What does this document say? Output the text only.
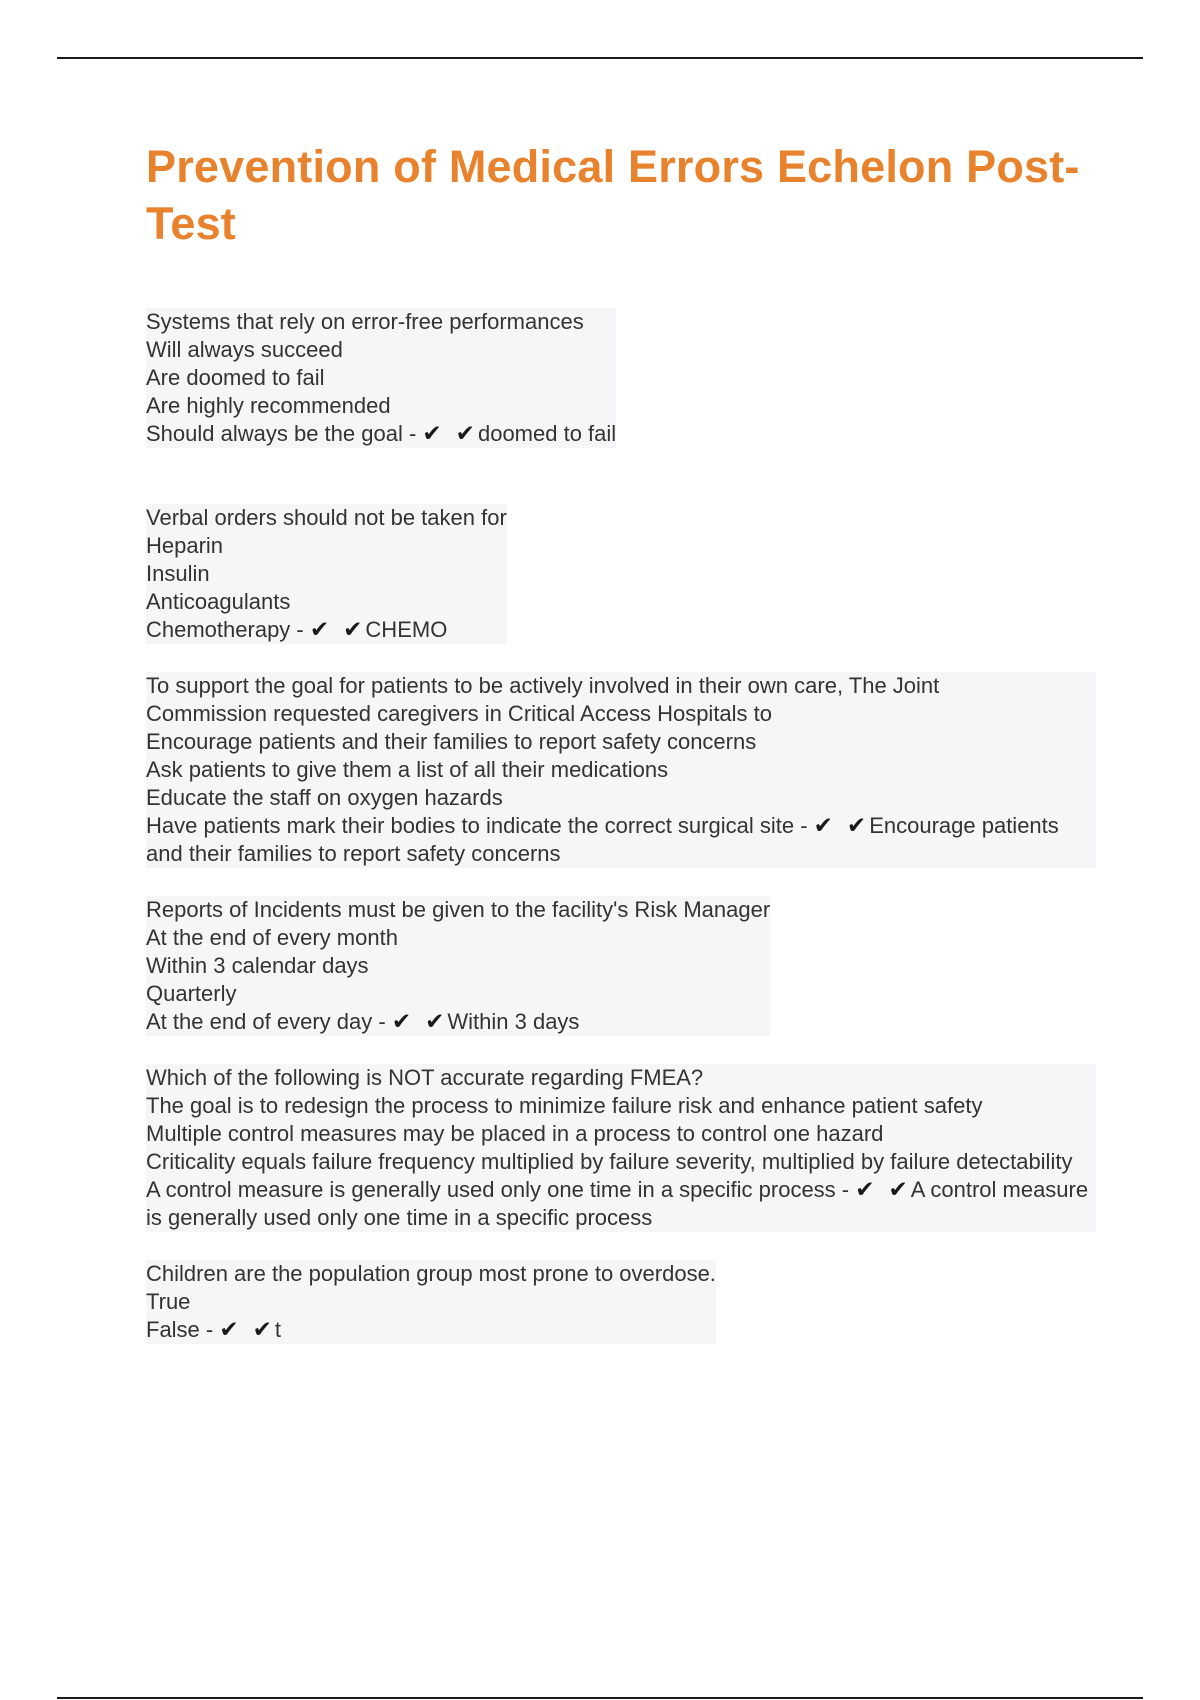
Prevention of Medical Errors Echelon Post-Test
Systems that rely on error-free performances
Will always succeed
Are doomed to fail
Are highly recommended
Should always be the goal - ✔ ✔doomed to fail
Verbal orders should not be taken for
Heparin
Insulin
Anticoagulants
Chemotherapy - ✔ ✔CHEMO
To support the goal for patients to be actively involved in their own care, The Joint
Commission requested caregivers in Critical Access Hospitals to
Encourage patients and their families to report safety concerns
Ask patients to give them a list of all their medications
Educate the staff on oxygen hazards
Have patients mark their bodies to indicate the correct surgical site - ✔ ✔Encourage patients and their families to report safety concerns
Reports of Incidents must be given to the facility's Risk Manager
At the end of every month
Within 3 calendar days
Quarterly
At the end of every day - ✔ ✔Within 3 days
Which of the following is NOT accurate regarding FMEA?
The goal is to redesign the process to minimize failure risk and enhance patient safety
Multiple control measures may be placed in a process to control one hazard
Criticality equals failure frequency multiplied by failure severity, multiplied by failure detectability
A control measure is generally used only one time in a specific process - ✔ ✔A control measure is generally used only one time in a specific process
Children are the population group most prone to overdose.
True
False - ✔ ✔t
